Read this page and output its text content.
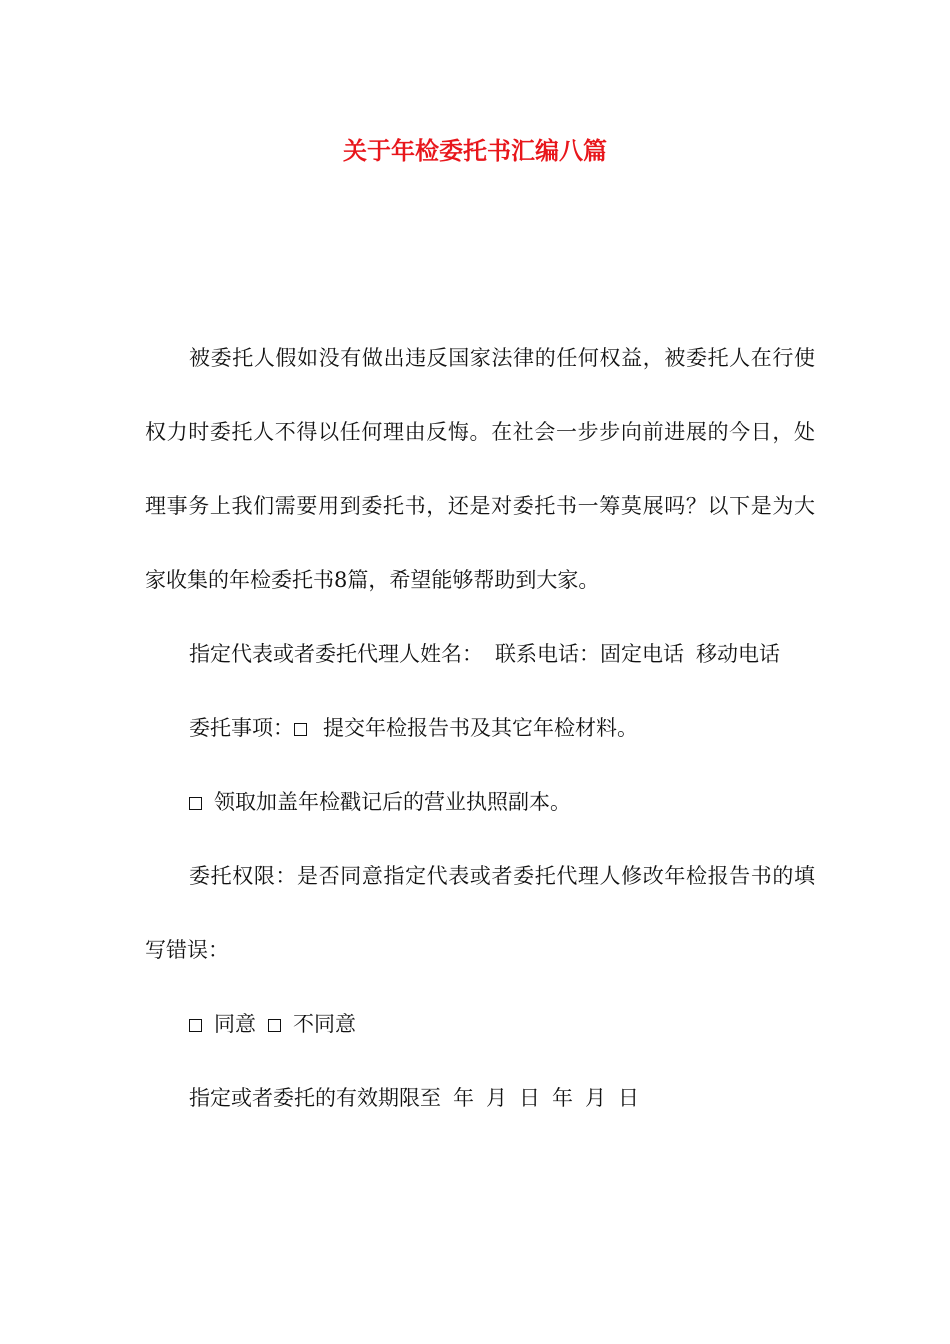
关于年检委托书汇编八篇

被委托人假如没有做出违反国家法律的任何权益，被委托人在行使权力时委托人不得以任何理由反悔。在社会一步步向前进展的今日，处理事务上我们需要用到委托书，还是对委托书一筹莫展吗？以下是为大家收集的年检委托书8篇，希望能够帮助到大家。

指定代表或者委托代理人姓名： 联系电话：固定电话 移动电话

委托事项： 提交年检报告书及其它年检材料。

领取加盖年检戳记后的营业执照副本。

委托权限：是否同意指定代表或者委托代理人修改年检报告书的填写错误：

同意 不同意

指定或者委托的有效期限至 年 月 日 年 月 日
